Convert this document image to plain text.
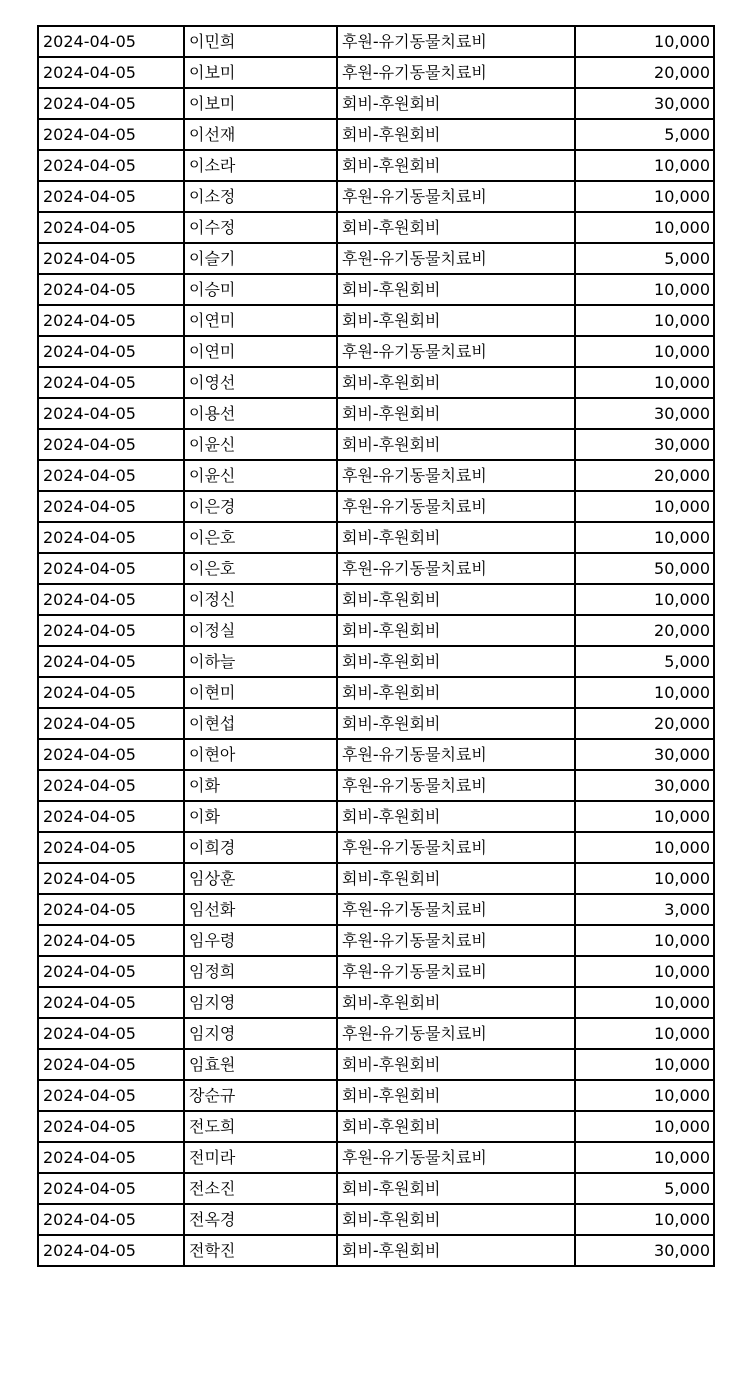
2024-04-05	이민희	후원-유기동물치료비	10,000
2024-04-05	이보미	후원-유기동물치료비	20,000
2024-04-05	이보미	회비-후원회비	30,000
2024-04-05	이선재	회비-후원회비	5,000
2024-04-05	이소라	회비-후원회비	10,000
2024-04-05	이소정	후원-유기동물치료비	10,000
2024-04-05	이수정	회비-후원회비	10,000
2024-04-05	이슬기	후원-유기동물치료비	5,000
2024-04-05	이승미	회비-후원회비	10,000
2024-04-05	이연미	회비-후원회비	10,000
2024-04-05	이연미	후원-유기동물치료비	10,000
2024-04-05	이영선	회비-후원회비	10,000
2024-04-05	이용선	회비-후원회비	30,000
2024-04-05	이윤신	회비-후원회비	30,000
2024-04-05	이윤신	후원-유기동물치료비	20,000
2024-04-05	이은경	후원-유기동물치료비	10,000
2024-04-05	이은호	회비-후원회비	10,000
2024-04-05	이은호	후원-유기동물치료비	50,000
2024-04-05	이정신	회비-후원회비	10,000
2024-04-05	이정실	회비-후원회비	20,000
2024-04-05	이하늘	회비-후원회비	5,000
2024-04-05	이현미	회비-후원회비	10,000
2024-04-05	이현섭	회비-후원회비	20,000
2024-04-05	이현아	후원-유기동물치료비	30,000
2024-04-05	이화	후원-유기동물치료비	30,000
2024-04-05	이화	회비-후원회비	10,000
2024-04-05	이희경	후원-유기동물치료비	10,000
2024-04-05	임상훈	회비-후원회비	10,000
2024-04-05	임선화	후원-유기동물치료비	3,000
2024-04-05	임우령	후원-유기동물치료비	10,000
2024-04-05	임정희	후원-유기동물치료비	10,000
2024-04-05	임지영	회비-후원회비	10,000
2024-04-05	임지영	후원-유기동물치료비	10,000
2024-04-05	임효원	회비-후원회비	10,000
2024-04-05	장순규	회비-후원회비	10,000
2024-04-05	전도희	회비-후원회비	10,000
2024-04-05	전미라	후원-유기동물치료비	10,000
2024-04-05	전소진	회비-후원회비	5,000
2024-04-05	전옥경	회비-후원회비	10,000
2024-04-05	전학진	회비-후원회비	30,000
